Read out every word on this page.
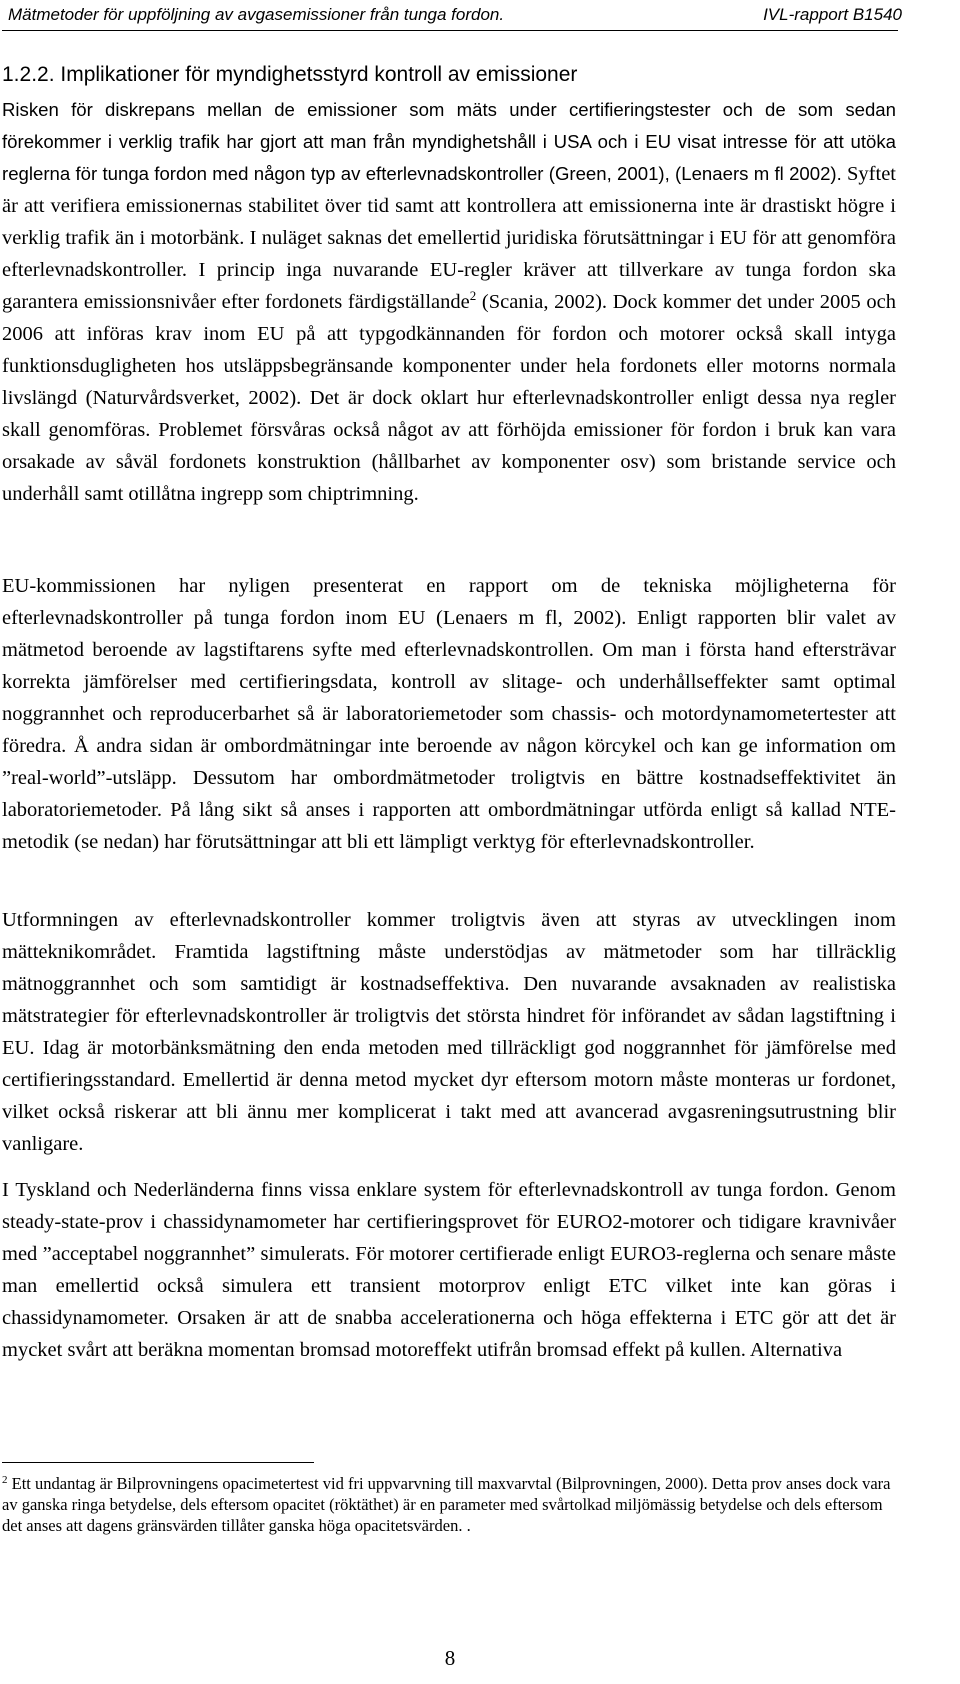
Mätmetoder för uppföljning av avgasemissioner från tunga fordon.	IVL-rapport B1540
1.2.2. Implikationer för myndighetsstyrd kontroll av emissioner

Risken för diskrepans mellan de emissioner som mäts under certifieringstester och de som sedan förekommer i verklig trafik har gjort att man från myndighetshåll i USA och i EU visat intresse för att utöka reglerna för tunga fordon med någon typ av efterlevnadskontroller (Green, 2001), (Lenaers m fl 2002). Syftet är att verifiera emissionernas stabilitet över tid samt att kontrollera att emissionerna inte är drastiskt högre i verklig trafik än i motorbänk. I nuläget saknas det emellertid juridiska förutsättningar i EU för att genomföra efterlevnadskontroller. I princip inga nuvarande EU-regler kräver att tillverkare av tunga fordon ska garantera emissionsnivåer efter fordonets färdigställande$^2$ (Scania, 2002). Dock kommer det under 2005 och 2006 att införas krav inom EU på att typgodkännanden för fordon och motorer också skall intyga funktionsdugligheten hos utsläppsbegränsande komponenter under hela fordonets eller motorns normala livslängd (Naturvårdsverket, 2002). Det är dock oklart hur efterlevnadskontroller enligt dessa nya regler skall genomföras. Problemet försvåras också något av att förhöjda emissioner för fordon i bruk kan vara orsakade av såväl fordonets konstruktion (hållbarhet av komponenter osv) som bristande service och underhåll samt otillåtna ingrepp som chiptrimning.

EU-kommissionen har nyligen presenterat en rapport om de tekniska möjligheterna för efterlevnadskontroller på tunga fordon inom EU (Lenaers m fl, 2002). Enligt rapporten blir valet av mätmetod beroende av lagstiftarens syfte med efterlevnadskontrollen. Om man i första hand eftersträvar korrekta jämförelser med certifieringsdata, kontroll av slitage- och underhållseffekter samt optimal noggrannhet och reproducerbarhet så är laboratoriemetoder som chassis- och motordynamometertester att föredra. Å andra sidan är ombordmätningar inte beroende av någon körcykel och kan ge information om ”real-world”-utsläpp. Dessutom har ombordmätmetoder troligtvis en bättre kostnadseffektivitet än laboratoriemetoder. På lång sikt så anses i rapporten att ombordmätningar utförda enligt så kallad NTE-metodik (se nedan) har förutsättningar att bli ett lämpligt verktyg för efterlevnadskontroller.

Utformningen av efterlevnadskontroller kommer troligtvis även att styras av utvecklingen inom mätteknikområdet. Framtida lagstiftning måste understödjas av mätmetoder som har tillräcklig mätnoggrannhet och som samtidigt är kostnadseffektiva. Den nuvarande avsaknaden av realistiska mätstrategier för efterlevnadskontroller är troligtvis det största hindret för införandet av sådan lagstiftning i EU. Idag är motorbänksmätning den enda metoden med tillräckligt god noggrannhet för jämförelse med certifieringsstandard. Emellertid är denna metod mycket dyr eftersom motorn måste monteras ur fordonet, vilket också riskerar att bli ännu mer komplicerat i takt med att avancerad avgasreningsutrustning blir vanligare.

I Tyskland och Nederländerna finns vissa enklare system för efterlevnadskontroll av tunga fordon. Genom steady-state-prov i chassidynamometer har certifieringsprovet för EURO2-motorer och tidigare kravnivåer med ”acceptabel noggrannhet” simulerats. För motorer certifierade enligt EURO3-reglerna och senare måste man emellertid också simulera ett transient motorprov enligt ETC vilket inte kan göras i chassidynamometer. Orsaken är att de snabba accelerationerna och höga effekterna i ETC gör att det är mycket svårt att beräkna momentan bromsad motoreffekt utifrån bromsad effekt på kullen. Alternativa

$^2$ Ett undantag är Bilprovningens opacimetertest vid fri uppvarvning till maxvarvtal (Bilprovningen, 2000). Detta prov anses dock vara av ganska ringa betydelse, dels eftersom opacitet (röktäthet) är en parameter med svårtolkad miljömässig betydelse och dels eftersom det anses att dagens gränsvärden tillåter ganska höga opacitetsvärden. .

8
